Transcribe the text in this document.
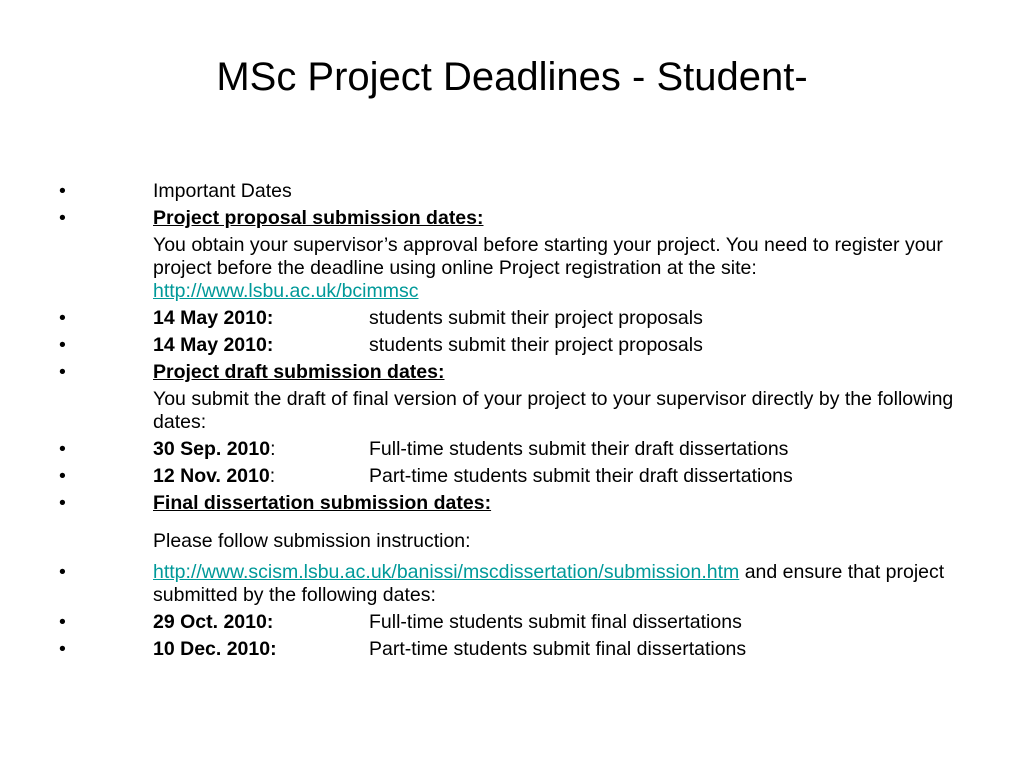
MSc Project Deadlines - Student-
•	Important Dates
•	Project proposal submission dates:
You obtain your supervisor’s approval before starting your project. You need to register your project before the deadline using online Project registration at the site: http://www.lsbu.ac.uk/bcimmsc
•	14 May 2010:	students submit their project proposals
•	14 May 2010:	students submit their project proposals
•	Project draft submission dates:
You submit the draft of final version of your project to your supervisor directly by the following dates:
•	30 Sep. 2010:	Full-time students submit their draft dissertations
•	12 Nov. 2010:	Part-time students submit their draft dissertations
•	Final dissertation submission dates:
Please follow submission instruction:
•	http://www.scism.lsbu.ac.uk/banissi/mscdissertation/submission.htm and ensure that project submitted by the following dates:
•	29 Oct. 2010:	Full-time students submit final dissertations
•	10 Dec. 2010:	Part-time students submit final dissertations
